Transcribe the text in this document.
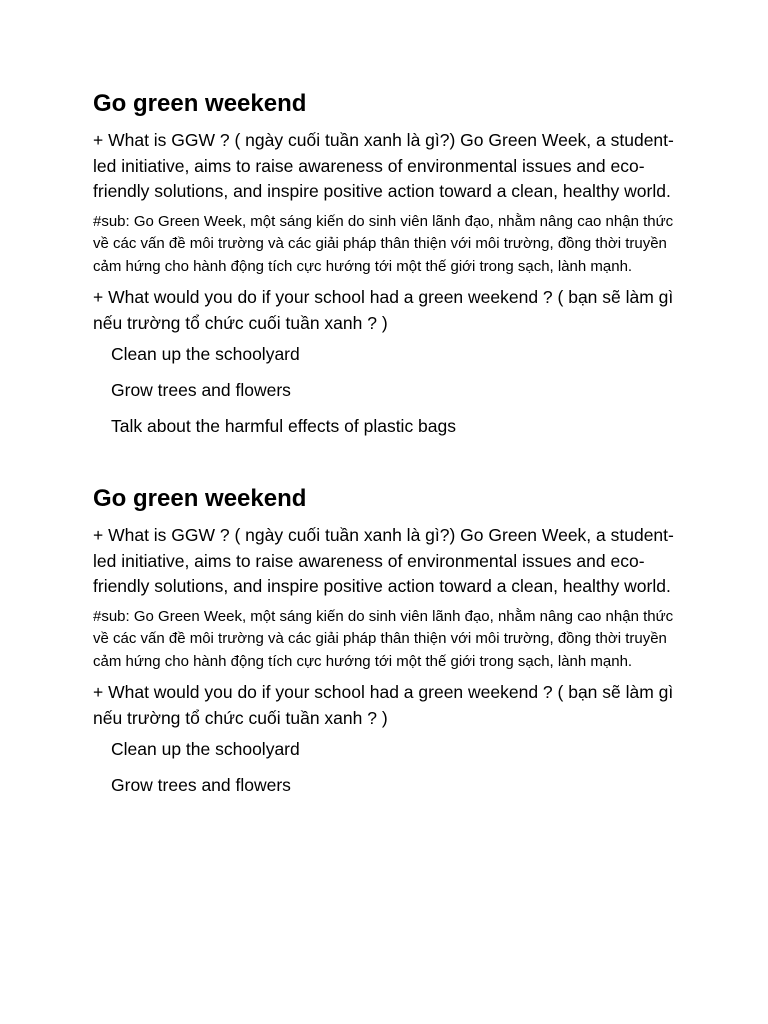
Go green weekend

+ What is GGW ? ( ngày cuối tuần xanh là gì?) Go Green Week, a student-led initiative, aims to raise awareness of environmental issues and eco-friendly solutions, and inspire positive action toward a clean, healthy world.

#sub: Go Green Week, một sáng kiến do sinh viên lãnh đạo, nhằm nâng cao nhận thức về các vấn đề môi trường và các giải pháp thân thiện với môi trường, đồng thời truyền cảm hứng cho hành động tích cực hướng tới một thế giới trong sạch, lành mạnh.

+ What would you do if your school had a green weekend ? ( bạn sẽ làm gì nếu trường tổ chức cuối tuần xanh ? )

Clean up the schoolyard
Grow trees and flowers
Talk about the harmful effects of plastic bags
Go green weekend

+ What is GGW ? ( ngày cuối tuần xanh là gì?) Go Green Week, a student-led initiative, aims to raise awareness of environmental issues and eco-friendly solutions, and inspire positive action toward a clean, healthy world.

#sub: Go Green Week, một sáng kiến do sinh viên lãnh đạo, nhằm nâng cao nhận thức về các vấn đề môi trường và các giải pháp thân thiện với môi trường, đồng thời truyền cảm hứng cho hành động tích cực hướng tới một thế giới trong sạch, lành mạnh.

+ What would you do if your school had a green weekend ? ( bạn sẽ làm gì nếu trường tổ chức cuối tuần xanh ? )

Clean up the schoolyard
Grow trees and flowers
